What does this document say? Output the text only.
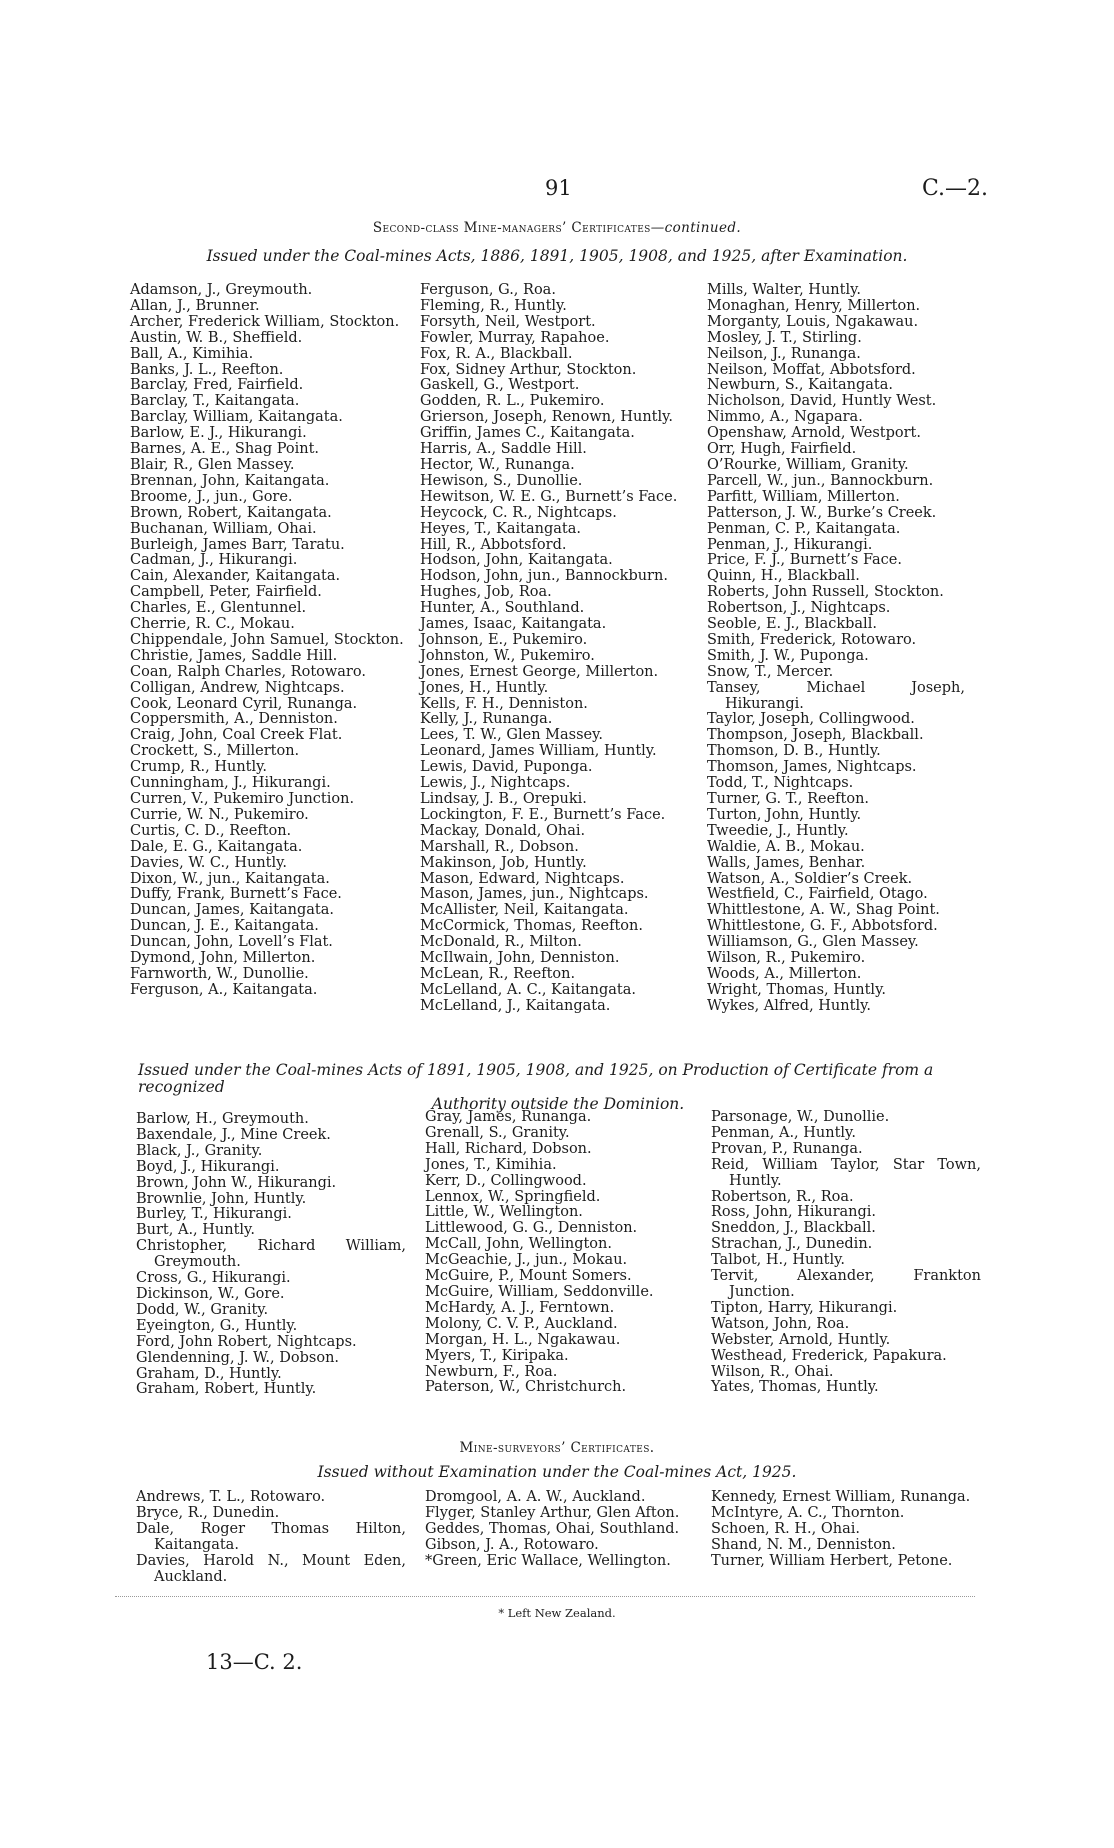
91	C.—2.
Second-class Mine-managers’ Certificates—continued.
Issued under the Coal-mines Acts, 1886, 1891, 1905, 1908, and 1925, after Examination.
Adamson, J., Greymouth.
Allan, J., Brunner.
Archer, Frederick William, Stockton.
Austin, W. B., Sheffield.
Ball, A., Kimihia.
Banks, J. L., Reefton.
Barclay, Fred, Fairfield.
Barclay, T., Kaitangata.
Barclay, William, Kaitangata.
Barlow, E. J., Hikurangi.
Barnes, A. E., Shag Point.
Blair, R., Glen Massey.
Brennan, John, Kaitangata.
Broome, J., jun., Gore.
Brown, Robert, Kaitangata.
Buchanan, William, Ohai.
Burleigh, James Barr, Taratu.
Cadman, J., Hikurangi.
Cain, Alexander, Kaitangata.
Campbell, Peter, Fairfield.
Charles, E., Glentunnel.
Cherrie, R. C., Mokau.
Chippendale, John Samuel, Stockton.
Christie, James, Saddle Hill.
Coan, Ralph Charles, Rotowaro.
Colligan, Andrew, Nightcaps.
Cook, Leonard Cyril, Runanga.
Coppersmith, A., Denniston.
Craig, John, Coal Creek Flat.
Crockett, S., Millerton.
Crump, R., Huntly.
Cunningham, J., Hikurangi.
Curren, V., Pukemiro Junction.
Currie, W. N., Pukemiro.
Curtis, C. D., Reefton.
Dale, E. G., Kaitangata.
Davies, W. C., Huntly.
Dixon, W., jun., Kaitangata.
Duffy, Frank, Burnett’s Face.
Duncan, James, Kaitangata.
Duncan, J. E., Kaitangata.
Duncan, John, Lovell’s Flat.
Dymond, John, Millerton.
Farnworth, W., Dunollie.
Ferguson, A., Kaitangata.
Ferguson, G., Roa.
Fleming, R., Huntly.
Forsyth, Neil, Westport.
Fowler, Murray, Rapahoe.
Fox, R. A., Blackball.
Fox, Sidney Arthur, Stockton.
Gaskell, G., Westport.
Godden, R. L., Pukemiro.
Grierson, Joseph, Renown, Huntly.
Griffin, James C., Kaitangata.
Harris, A., Saddle Hill.
Hector, W., Runanga.
Hewison, S., Dunollie.
Hewitson, W. E. G., Burnett’s Face.
Heycock, C. R., Nightcaps.
Heyes, T., Kaitangata.
Hill, R., Abbotsford.
Hodson, John, Kaitangata.
Hodson, John, jun., Bannockburn.
Hughes, Job, Roa.
Hunter, A., Southland.
James, Isaac, Kaitangata.
Johnson, E., Pukemiro.
Johnston, W., Pukemiro.
Jones, Ernest George, Millerton.
Jones, H., Huntly.
Kells, F. H., Denniston.
Kelly, J., Runanga.
Lees, T. W., Glen Massey.
Leonard, James William, Huntly.
Lewis, David, Puponga.
Lewis, J., Nightcaps.
Lindsay, J. B., Orepuki.
Lockington, F. E., Burnett’s Face.
Mackay, Donald, Ohai.
Marshall, R., Dobson.
Makinson, Job, Huntly.
Mason, Edward, Nightcaps.
Mason, James, jun., Nightcaps.
McAllister, Neil, Kaitangata.
McCormick, Thomas, Reefton.
McDonald, R., Milton.
McIlwain, John, Denniston.
McLean, R., Reefton.
McLelland, A. C., Kaitangata.
McLelland, J., Kaitangata.
Mills, Walter, Huntly.
Monaghan, Henry, Millerton.
Morganty, Louis, Ngakawau.
Mosley, J. T., Stirling.
Neilson, J., Runanga.
Neilson, Moffat, Abbotsford.
Newburn, S., Kaitangata.
Nicholson, David, Huntly West.
Nimmo, A., Ngapara.
Openshaw, Arnold, Westport.
Orr, Hugh, Fairfield.
O’Rourke, William, Granity.
Parcell, W., jun., Bannockburn.
Parfitt, William, Millerton.
Patterson, J. W., Burke’s Creek.
Penman, C. P., Kaitangata.
Penman, J., Hikurangi.
Price, F. J., Burnett’s Face.
Quinn, H., Blackball.
Roberts, John Russell, Stockton.
Robertson, J., Nightcaps.
Seoble, E. J., Blackball.
Smith, Frederick, Rotowaro.
Smith, J. W., Puponga.
Snow, T., Mercer.
Tansey, Michael Joseph, Hikurangi.
Taylor, Joseph, Collingwood.
Thompson, Joseph, Blackball.
Thomson, D. B., Huntly.
Thomson, James, Nightcaps.
Todd, T., Nightcaps.
Turner, G. T., Reefton.
Turton, John, Huntly.
Tweedie, J., Huntly.
Waldie, A. B., Mokau.
Walls, James, Benhar.
Watson, A., Soldier’s Creek.
Westfield, C., Fairfield, Otago.
Whittlestone, A. W., Shag Point.
Whittlestone, G. F., Abbotsford.
Williamson, G., Glen Massey.
Wilson, R., Pukemiro.
Woods, A., Millerton.
Wright, Thomas, Huntly.
Wykes, Alfred, Huntly.
Issued under the Coal-mines Acts of 1891, 1905, 1908, and 1925, on Production of Certificate from a recognized
Authority outside the Dominion.
Barlow, H., Greymouth.
Baxendale, J., Mine Creek.
Black, J., Granity.
Boyd, J., Hikurangi.
Brown, John W., Hikurangi.
Brownlie, John, Huntly.
Burley, T., Hikurangi.
Burt, A., Huntly.
Christopher, Richard William, Greymouth.
Cross, G., Hikurangi.
Dickinson, W., Gore.
Dodd, W., Granity.
Eyeington, G., Huntly.
Ford, John Robert, Nightcaps.
Glendenning, J. W., Dobson.
Graham, D., Huntly.
Graham, Robert, Huntly.
Gray, James, Runanga.
Grenall, S., Granity.
Hall, Richard, Dobson.
Jones, T., Kimihia.
Kerr, D., Collingwood.
Lennox, W., Springfield.
Little, W., Wellington.
Littlewood, G. G., Denniston.
McCall, John, Wellington.
McGeachie, J., jun., Mokau.
McGuire, P., Mount Somers.
McGuire, William, Seddonville.
McHardy, A. J., Ferntown.
Molony, C. V. P., Auckland.
Morgan, H. L., Ngakawau.
Myers, T., Kiripaka.
Newburn, F., Roa.
Paterson, W., Christchurch.
Parsonage, W., Dunollie.
Penman, A., Huntly.
Provan, P., Runanga.
Reid, William Taylor, Star Town, Huntly.
Robertson, R., Roa.
Ross, John, Hikurangi.
Sneddon, J., Blackball.
Strachan, J., Dunedin.
Talbot, H., Huntly.
Tervit, Alexander, Frankton Junction.
Tipton, Harry, Hikurangi.
Watson, John, Roa.
Webster, Arnold, Huntly.
Westhead, Frederick, Papakura.
Wilson, R., Ohai.
Yates, Thomas, Huntly.
Mine-surveyors’ Certificates.
Issued without Examination under the Coal-mines Act, 1925.
Andrews, T. L., Rotowaro.
Bryce, R., Dunedin.
Dale, Roger Thomas Hilton, Kaitangata.
Davies, Harold N., Mount Eden, Auckland.
Dromgool, A. A. W., Auckland.
Flyger, Stanley Arthur, Glen Afton.
Geddes, Thomas, Ohai, Southland.
Gibson, J. A., Rotowaro.
*Green, Eric Wallace, Wellington.
Kennedy, Ernest William, Runanga.
McIntyre, A. C., Thornton.
Schoen, R. H., Ohai.
Shand, N. M., Denniston.
Turner, William Herbert, Petone.
* Left New Zealand.
13—C. 2.
